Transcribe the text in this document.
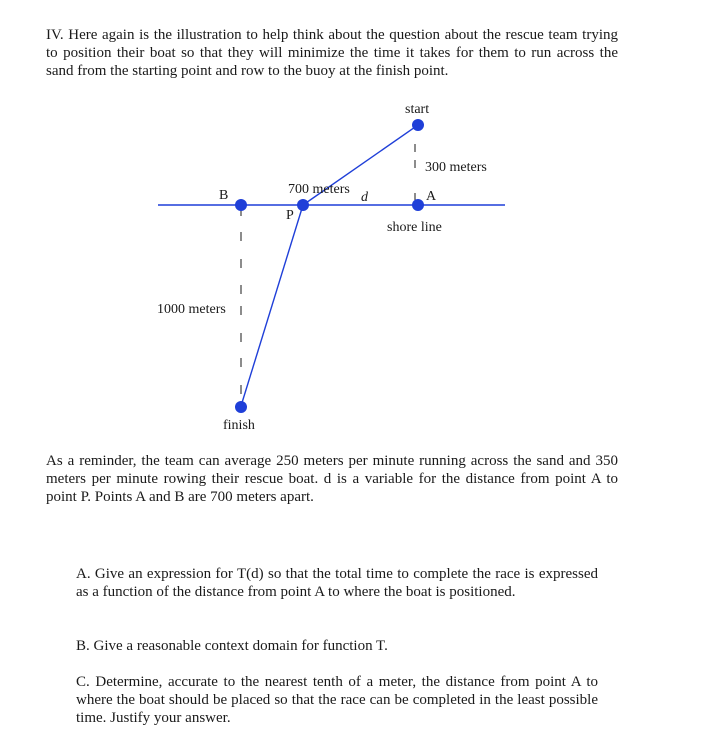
IV. Here again is the illustration to help think about the question about the rescue team trying to position their boat so that they will minimize the time it takes for them to run across the sand from the starting point and row to the buoy at the finish point.

start
300 meters
A
B
P
d
700 meters
shore line
1000 meters
finish

As a reminder, the team can average 250 meters per minute running across the sand and 350 meters per minute rowing their rescue boat. d is a variable for the distance from point A to point P. Points A and B are 700 meters apart.

A. Give an expression for T(d) so that the total time to complete the race is expressed as a function of the distance from point A to where the boat is positioned.

B. Give a reasonable context domain for function T.

C. Determine, accurate to the nearest tenth of a meter, the distance from point A to where the boat should be placed so that the race can be completed in the least possible time. Justify your answer.
